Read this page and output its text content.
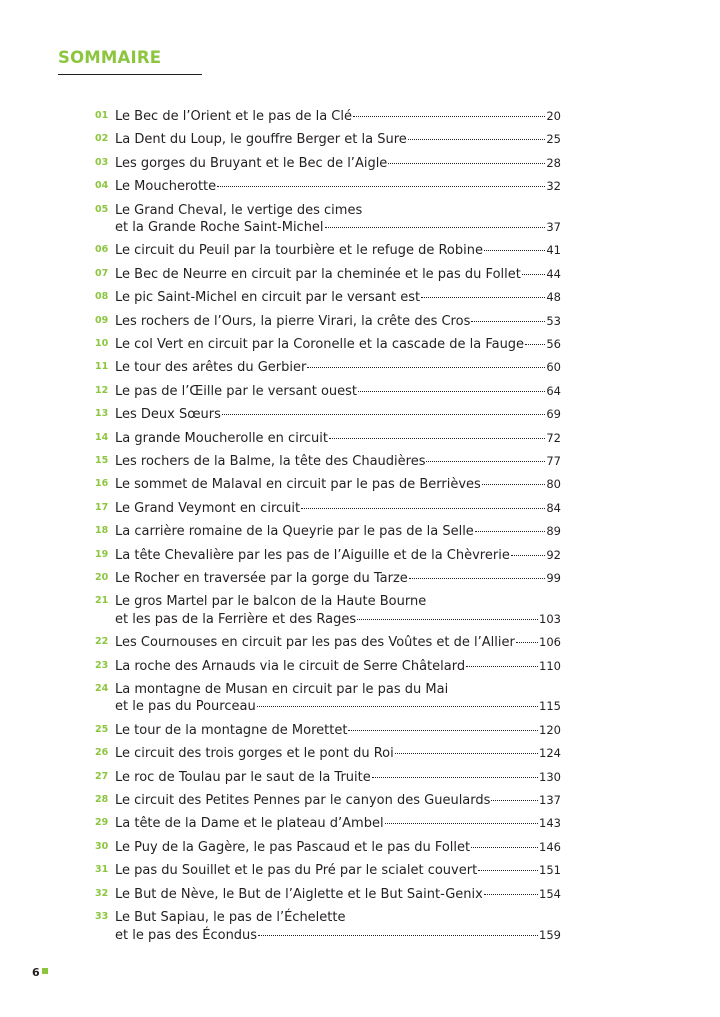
SOMMAIRE
01 Le Bec de l’Orient et le pas de la Clé	20
02 La Dent du Loup, le gouffre Berger et la Sure	25
03 Les gorges du Bruyant et le Bec de l’Aigle	28
04 Le Moucherotte	32
05 Le Grand Cheval, le vertige des cimes
et la Grande Roche Saint-Michel	37
06 Le circuit du Peuil par la tourbière et le refuge de Robine	41
07 Le Bec de Neurre en circuit par la cheminée et le pas du Follet 44
08 Le pic Saint-Michel en circuit par le versant est	48
09 Les rochers de l’Ours, la pierre Virari, la crête des Cros	53
10 Le col Vert en circuit par la Coronelle et la cascade de la Fauge 56
11 Le tour des arêtes du Gerbier	60
12 Le pas de l’Œille par le versant ouest	64
13 Les Deux Sœurs	69
14 La grande Moucherolle en circuit	72
15 Les rochers de la Balme, la tête des Chaudières	77
16 Le sommet de Malaval en circuit par le pas de Berrièves	80
17 Le Grand Veymont en circuit	84
18 La carrière romaine de la Queyrie par le pas de la Selle	89
19 La tête Chevalière par les pas de l’Aiguille et de la Chèvrerie	92
20 Le Rocher en traversée par la gorge du Tarze	99
21 Le gros Martel par le balcon de la Haute Bourne
et les pas de la Ferrière et des Rages	103
22 Les Cournouses en circuit par les pas des Voûtes et de l’Allier 106
23 La roche des Arnauds via le circuit de Serre Châtelard	110
24 La montagne de Musan en circuit par le pas du Mai
et le pas du Pourceau	115
25 Le tour de la montagne de Morettet	120
26 Le circuit des trois gorges et le pont du Roi	124
27 Le roc de Toulau par le saut de la Truite	130
28 Le circuit des Petites Pennes par le canyon des Gueulards	137
29 La tête de la Dame et le plateau d’Ambel	143
30 Le Puy de la Gagère, le pas Pascaud et le pas du Follet	146
31 Le pas du Souillet et le pas du Pré par le scialet couvert	151
32 Le But de Nève, le But de l’Aiglette et le But Saint-Genix	154
33 Le But Sapiau, le pas de l’Échelette
et le pas des Écondus	159
6
